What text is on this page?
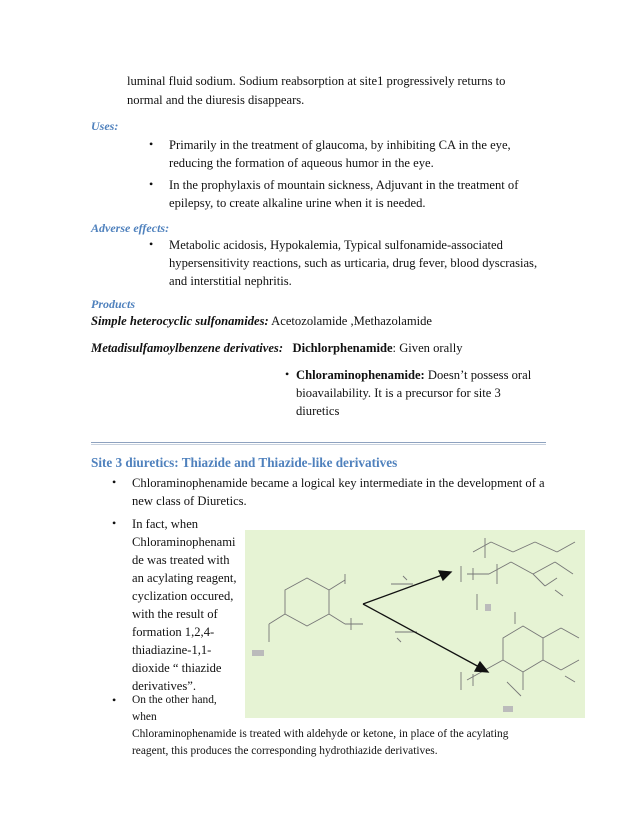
luminal fluid sodium. Sodium reabsorption at site1 progressively returns to
normal and the diuresis disappears.
Uses:
• Primarily in the treatment of glaucoma, by inhibiting CA in the eye,
reducing the formation of aqueous humor in the eye.
• In the prophylaxis of mountain sickness, Adjuvant in the treatment of
epilepsy, to create alkaline urine when it is needed.
Adverse effects:
• Metabolic acidosis, Hypokalemia, Typical sulfonamide-associated
hypersensitivity reactions, such as urticaria, drug fever, blood dyscrasias,
and interstitial nephritis.
Products
Simple heterocyclic sulfonamides: Acetozolamide ,Methazolamide
Metadisulfamoylbenzene derivatives: Dichlorphenamide: Given orally
• Chloraminophenamide: Doesn’t possess oral
bioavailability. It is a precursor for site 3
diuretics
Site 3 diuretics: Thiazide and Thiazide-like derivatives
• Chloraminophenamide became a logical key intermediate in the development of a
new class of Diuretics.
• In fact, when
Chloraminophenami
de was treated with
an acylating reagent,
cyclization occured,
with the result of
formation 1,2,4-
thiadiazine-1,1-
dioxide “ thiazide
derivatives”.
• On the other hand,
when
Chloraminophenamide is treated with aldehyde or ketone, in place of the acylating
reagent, this produces the corresponding hydrothiazide derivatives.
